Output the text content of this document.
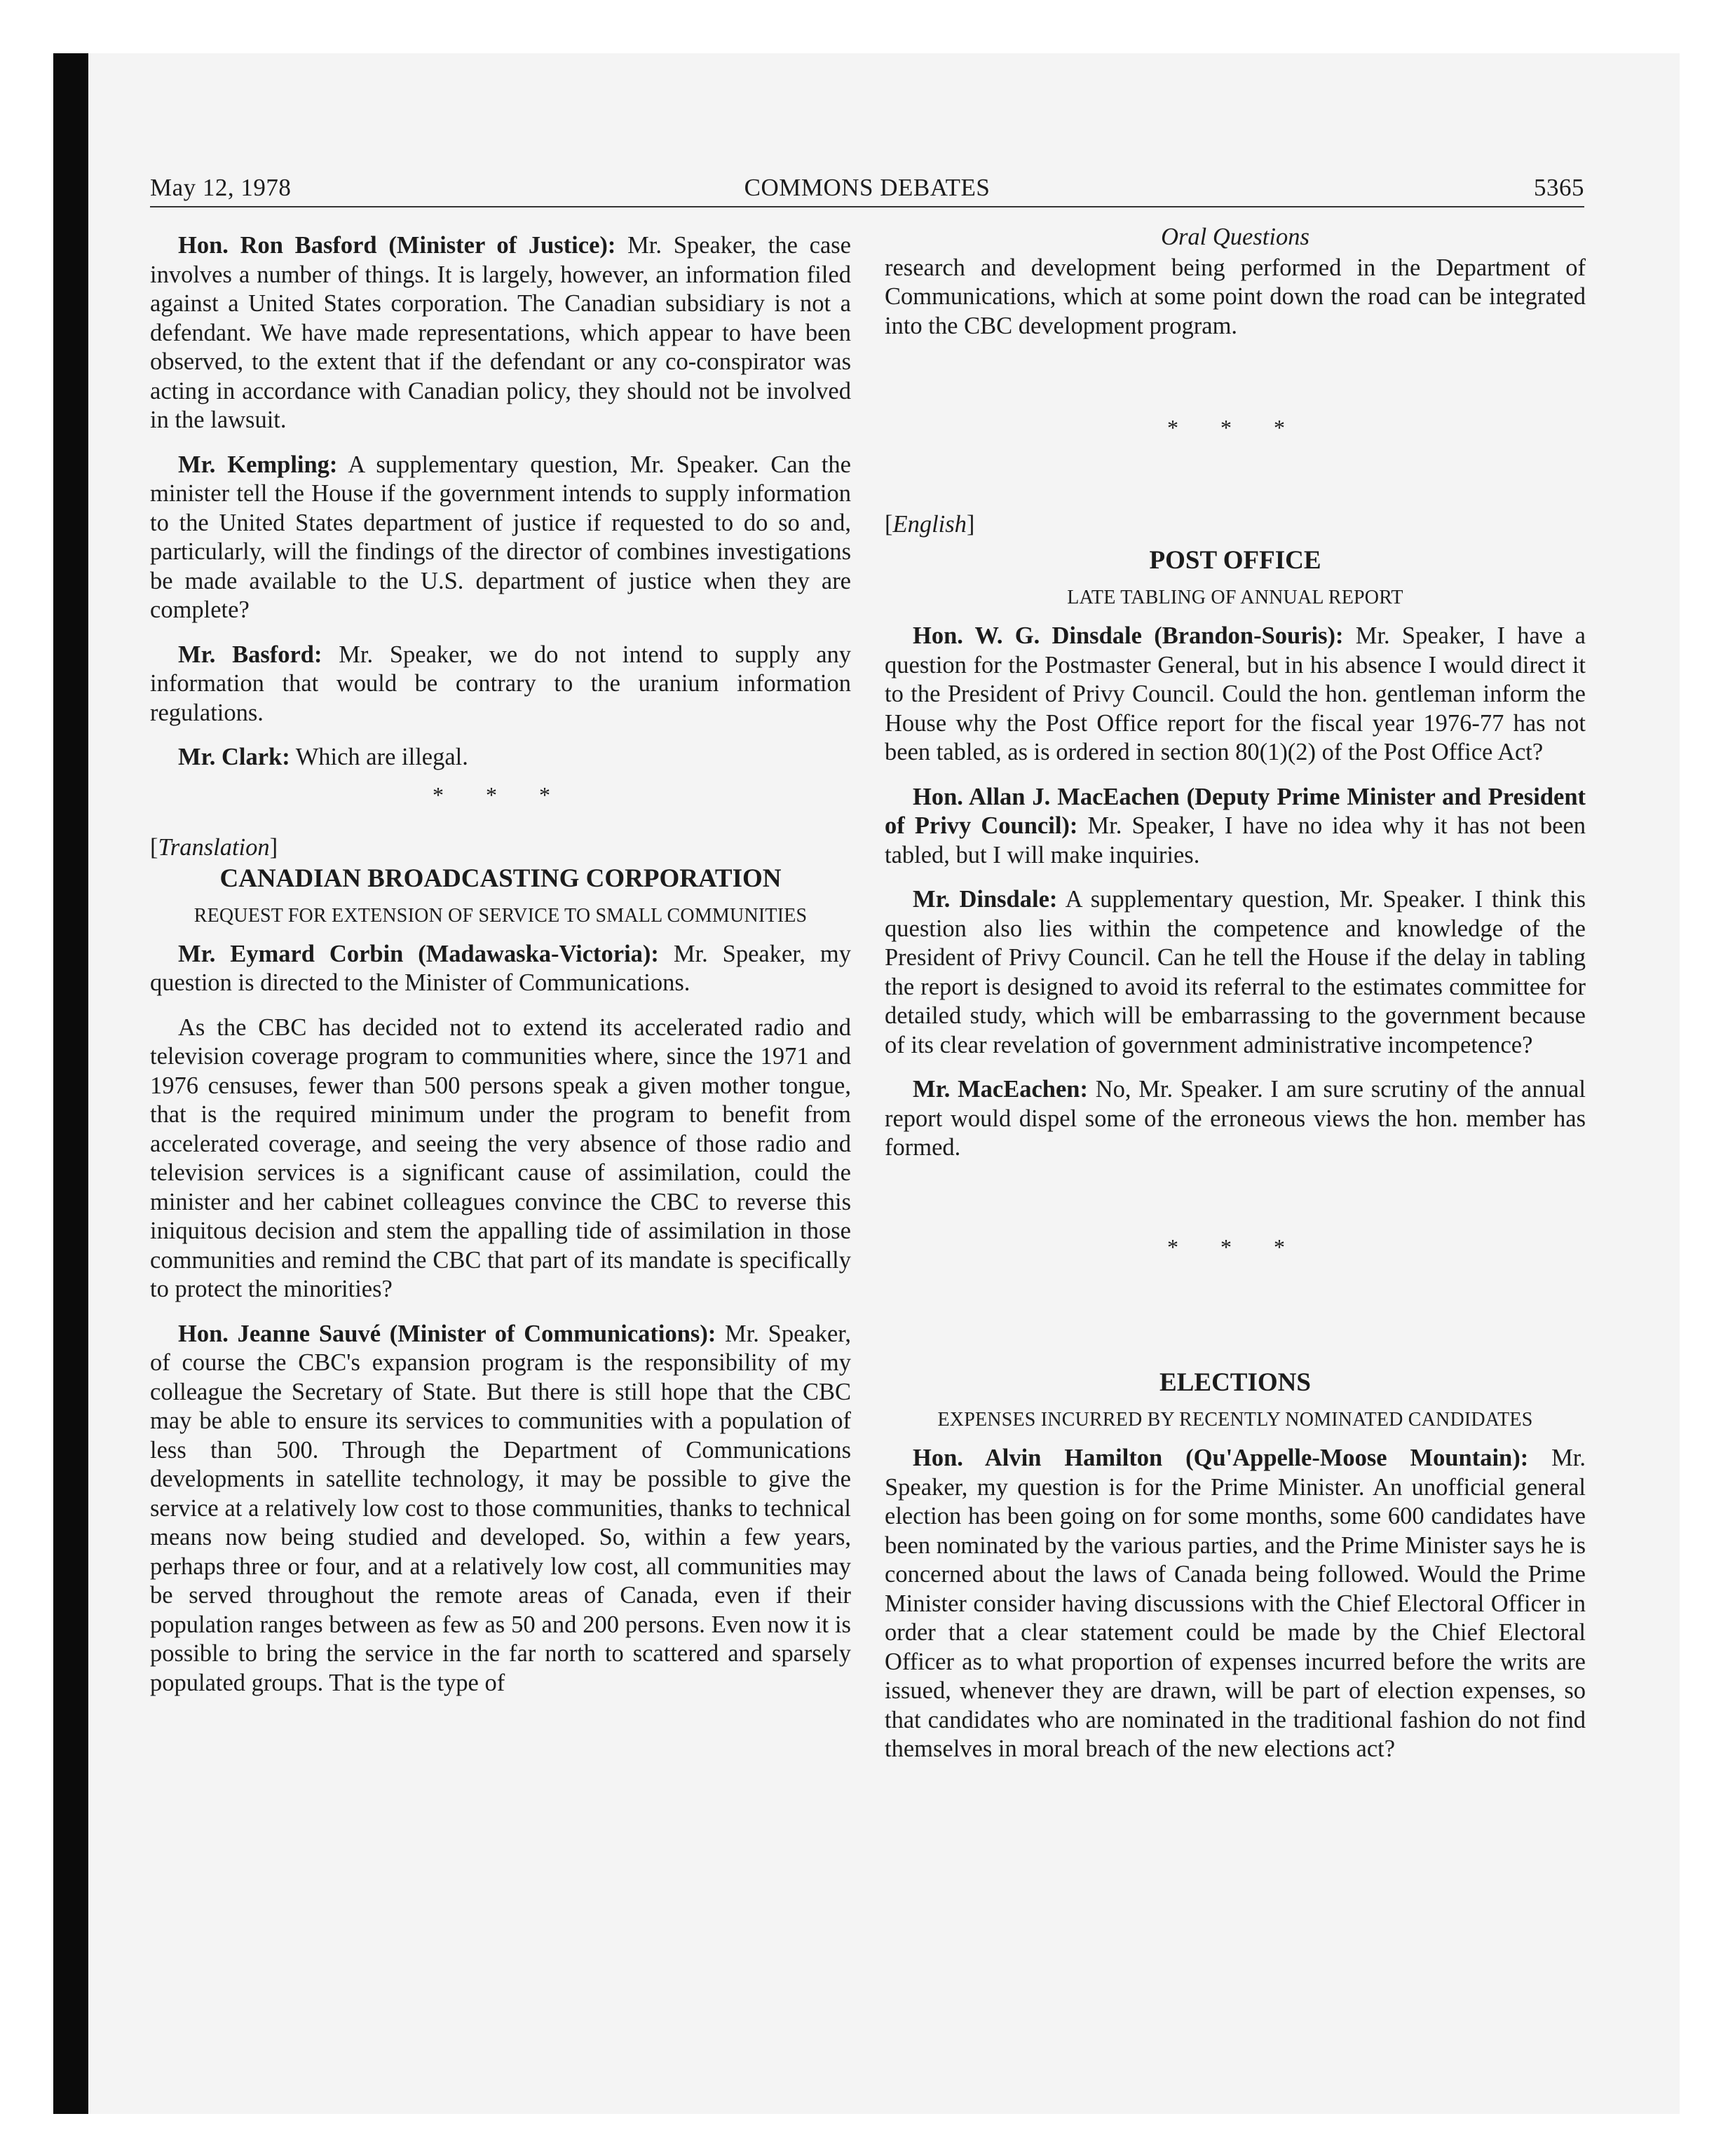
May 12, 1978	COMMONS DEBATES	5365

Hon. Ron Basford (Minister of Justice): Mr. Speaker, the case involves a number of things. It is largely, however, an information filed against a United States corporation. The Canadian subsidiary is not a defendant. We have made representations, which appear to have been observed, to the extent that if the defendant or any co-conspirator was acting in accordance with Canadian policy, they should not be involved in the lawsuit.

Mr. Kempling: A supplementary question, Mr. Speaker. Can the minister tell the House if the government intends to supply information to the United States department of justice if requested to do so and, particularly, will the findings of the director of combines investigations be made available to the U.S. department of justice when they are complete?

Mr. Basford: Mr. Speaker, we do not intend to supply any information that would be contrary to the uranium information regulations.

Mr. Clark: Which are illegal.

* * *
[Translation]
CANADIAN BROADCASTING CORPORATION
REQUEST FOR EXTENSION OF SERVICE TO SMALL COMMUNITIES

Mr. Eymard Corbin (Madawaska-Victoria): Mr. Speaker, my question is directed to the Minister of Communications.

As the CBC has decided not to extend its accelerated radio and television coverage program to communities where, since the 1971 and 1976 censuses, fewer than 500 persons speak a given mother tongue, that is the required minimum under the program to benefit from accelerated coverage, and seeing the very absence of those radio and television services is a significant cause of assimilation, could the minister and her cabinet colleagues convince the CBC to reverse this iniquitous decision and stem the appalling tide of assimilation in those communities and remind the CBC that part of its mandate is specifically to protect the minorities?

Hon. Jeanne Sauvé (Minister of Communications): Mr. Speaker, of course the CBC's expansion program is the responsibility of my colleague the Secretary of State. But there is still hope that the CBC may be able to ensure its services to communities with a population of less than 500. Through the Department of Communications developments in satellite technology, it may be possible to give the service at a relatively low cost to those communities, thanks to technical means now being studied and developed. So, within a few years, perhaps three or four, and at a relatively low cost, all communities may be served throughout the remote areas of Canada, even if their population ranges between as few as 50 and 200 persons. Even now it is possible to bring the service in the far north to scattered and sparsely populated groups. That is the type of

Oral Questions

research and development being performed in the Department of Communications, which at some point down the road can be integrated into the CBC development program.

* * *
[English]
POST OFFICE
LATE TABLING OF ANNUAL REPORT

Hon. W. G. Dinsdale (Brandon-Souris): Mr. Speaker, I have a question for the Postmaster General, but in his absence I would direct it to the President of Privy Council. Could the hon. gentleman inform the House why the Post Office report for the fiscal year 1976-77 has not been tabled, as is ordered in section 80(1)(2) of the Post Office Act?

Hon. Allan J. MacEachen (Deputy Prime Minister and President of Privy Council): Mr. Speaker, I have no idea why it has not been tabled, but I will make inquiries.

Mr. Dinsdale: A supplementary question, Mr. Speaker. I think this question also lies within the competence and knowledge of the President of Privy Council. Can he tell the House if the delay in tabling the report is designed to avoid its referral to the estimates committee for detailed study, which will be embarrassing to the government because of its clear revelation of government administrative incompetence?

Mr. MacEachen: No, Mr. Speaker. I am sure scrutiny of the annual report would dispel some of the erroneous views the hon. member has formed.

* * *
ELECTIONS
EXPENSES INCURRED BY RECENTLY NOMINATED CANDIDATES

Hon. Alvin Hamilton (Qu'Appelle-Moose Mountain): Mr. Speaker, my question is for the Prime Minister. An unofficial general election has been going on for some months, some 600 candidates have been nominated by the various parties, and the Prime Minister says he is concerned about the laws of Canada being followed. Would the Prime Minister consider having discussions with the Chief Electoral Officer in order that a clear statement could be made by the Chief Electoral Officer as to what proportion of expenses incurred before the writs are issued, whenever they are drawn, will be part of election expenses, so that candidates who are nominated in the traditional fashion do not find themselves in moral breach of the new elections act?
